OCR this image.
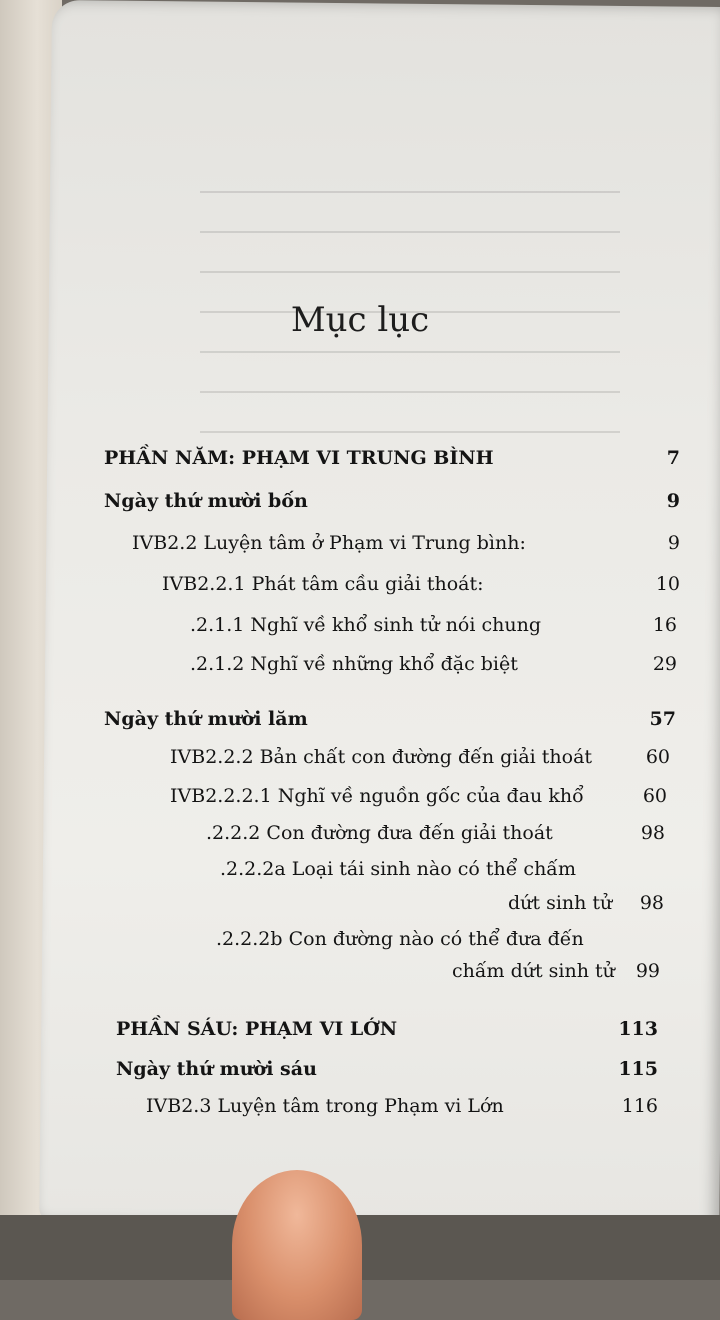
Mục lục
PHẦN NĂM: PHẠM VI TRUNG BÌNH	7
Ngày thứ mười bốn	9
IVB2.2 Luyện tâm ở Phạm vi Trung bình:	9
IVB2.2.1 Phát tâm cầu giải thoát:	10
.2.1.1 Nghĩ về khổ sinh tử nói chung	16
.2.1.2 Nghĩ về những khổ đặc biệt	29
Ngày thứ mười lăm	57
IVB2.2.2 Bản chất con đường đến giải thoát	60
IVB2.2.2.1 Nghĩ về nguồn gốc của đau khổ	60
.2.2.2 Con đường đưa đến giải thoát	98
.2.2.2a Loại tái sinh nào có thể chấm
dứt sinh tử 98
.2.2.2b Con đường nào có thể đưa đến
chấm dứt sinh tử 99
PHẦN SÁU: PHẠM VI LỚN	113
Ngày thứ mười sáu	115
IVB2.3 Luyện tâm trong Phạm vi Lớn	116
